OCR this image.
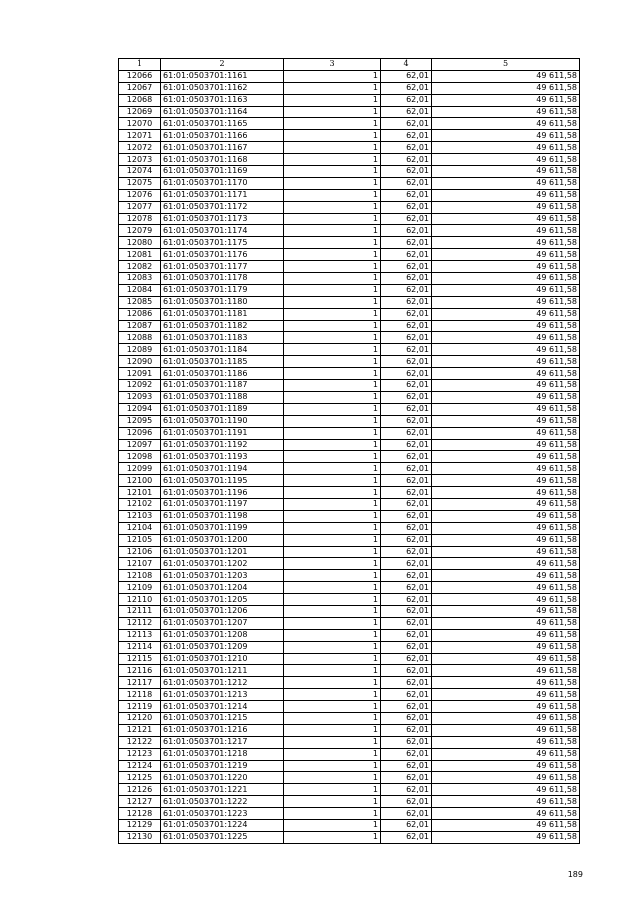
1	2	3	4	5
12066	61:01:0503701:1161	1	62,01	49 611,58
12067	61:01:0503701:1162	1	62,01	49 611,58
12068	61:01:0503701:1163	1	62,01	49 611,58
12069	61:01:0503701:1164	1	62,01	49 611,58
12070	61:01:0503701:1165	1	62,01	49 611,58
12071	61:01:0503701:1166	1	62,01	49 611,58
12072	61:01:0503701:1167	1	62,01	49 611,58
12073	61:01:0503701:1168	1	62,01	49 611,58
12074	61:01:0503701:1169	1	62,01	49 611,58
12075	61:01:0503701:1170	1	62,01	49 611,58
12076	61:01:0503701:1171	1	62,01	49 611,58
12077	61:01:0503701:1172	1	62,01	49 611,58
12078	61:01:0503701:1173	1	62,01	49 611,58
12079	61:01:0503701:1174	1	62,01	49 611,58
12080	61:01:0503701:1175	1	62,01	49 611,58
12081	61:01:0503701:1176	1	62,01	49 611,58
12082	61:01:0503701:1177	1	62,01	49 611,58
12083	61:01:0503701:1178	1	62,01	49 611,58
12084	61:01:0503701:1179	1	62,01	49 611,58
12085	61:01:0503701:1180	1	62,01	49 611,58
12086	61:01:0503701:1181	1	62,01	49 611,58
12087	61:01:0503701:1182	1	62,01	49 611,58
12088	61:01:0503701:1183	1	62,01	49 611,58
12089	61:01:0503701:1184	1	62,01	49 611,58
12090	61:01:0503701:1185	1	62,01	49 611,58
12091	61:01:0503701:1186	1	62,01	49 611,58
12092	61:01:0503701:1187	1	62,01	49 611,58
12093	61:01:0503701:1188	1	62,01	49 611,58
12094	61:01:0503701:1189	1	62,01	49 611,58
12095	61:01:0503701:1190	1	62,01	49 611,58
12096	61:01:0503701:1191	1	62,01	49 611,58
12097	61:01:0503701:1192	1	62,01	49 611,58
12098	61:01:0503701:1193	1	62,01	49 611,58
12099	61:01:0503701:1194	1	62,01	49 611,58
12100	61:01:0503701:1195	1	62,01	49 611,58
12101	61:01:0503701:1196	1	62,01	49 611,58
12102	61:01:0503701:1197	1	62,01	49 611,58
12103	61:01:0503701:1198	1	62,01	49 611,58
12104	61:01:0503701:1199	1	62,01	49 611,58
12105	61:01:0503701:1200	1	62,01	49 611,58
12106	61:01:0503701:1201	1	62,01	49 611,58
12107	61:01:0503701:1202	1	62,01	49 611,58
12108	61:01:0503701:1203	1	62,01	49 611,58
12109	61:01:0503701:1204	1	62,01	49 611,58
12110	61:01:0503701:1205	1	62,01	49 611,58
12111	61:01:0503701:1206	1	62,01	49 611,58
12112	61:01:0503701:1207	1	62,01	49 611,58
12113	61:01:0503701:1208	1	62,01	49 611,58
12114	61:01:0503701:1209	1	62,01	49 611,58
12115	61:01:0503701:1210	1	62,01	49 611,58
12116	61:01:0503701:1211	1	62,01	49 611,58
12117	61:01:0503701:1212	1	62,01	49 611,58
12118	61:01:0503701:1213	1	62,01	49 611,58
12119	61:01:0503701:1214	1	62,01	49 611,58
12120	61:01:0503701:1215	1	62,01	49 611,58
12121	61:01:0503701:1216	1	62,01	49 611,58
12122	61:01:0503701:1217	1	62,01	49 611,58
12123	61:01:0503701:1218	1	62,01	49 611,58
12124	61:01:0503701:1219	1	62,01	49 611,58
12125	61:01:0503701:1220	1	62,01	49 611,58
12126	61:01:0503701:1221	1	62,01	49 611,58
12127	61:01:0503701:1222	1	62,01	49 611,58
12128	61:01:0503701:1223	1	62,01	49 611,58
12129	61:01:0503701:1224	1	62,01	49 611,58
12130	61:01:0503701:1225	1	62,01	49 611,58
189
